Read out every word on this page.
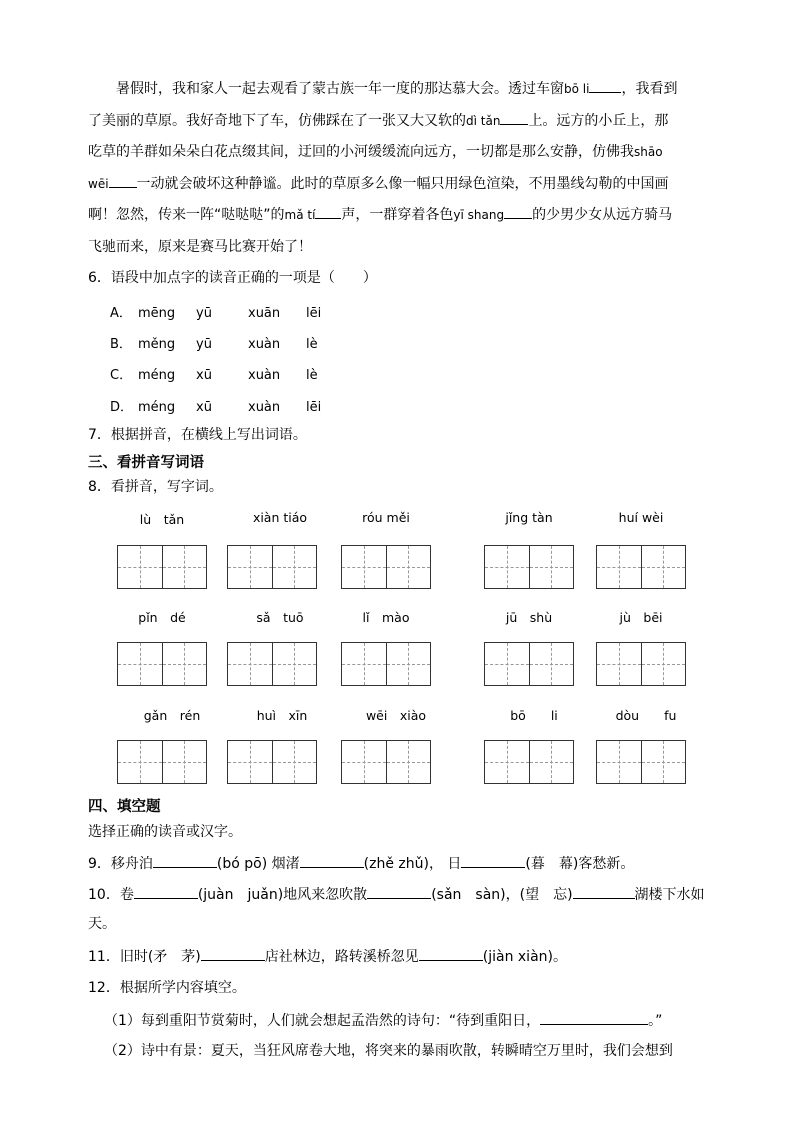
暑假时，我和家人一起去观看了蒙古族一年一度的那达慕大会。透过车窗bō li ，我看到
了美丽的草原。我好奇地下了车，仿佛踩在了一张又大又软的dì tǎn 上。远方的小丘上，那
吃草的羊群如朵朵白花点缀其间，迂回的小河缓缓流向远方，一切都是那么安静，仿佛我shāo
wēi 一动就会破坏这种静谧。此时的草原多么像一幅只用绿色渲染，不用墨线勾勒的中国画
啊！忽然，传来一阵“哒哒哒”的mǎ tí 声，一群穿着各色yī shang 的少男少女从远方骑马
飞驰而来，原来是赛马比赛开始了！
6．语段中加点字的读音正确的一项是（　　）
A． mēng yū	xuān lēi
B． měng yū	xuàn lè
C． méng xū	xuàn lè
D． méng xū	xuàn lēi
7．根据拼音，在横线上写出词语。
三、看拼音写词语
8．看拼音，写字词。
lù　tǎn	xiàn tiáo	róu měi	jǐng tàn	huí wèi
pǐn　dé	sǎ　tuō	lǐ　mào	jū　shù	jù　bēi
gǎn　rén	huì　xīn	wēi　xiào	bō　　li	dòu　　fu
四、填空题
选择正确的读音或汉字。
9．移舟泊	(bó pō) 烟渚	(zhě zhǔ)， 日	(暮　幕)客愁新。
10．卷	(juàn　juǎn)地风来忽吹散	(sǎn　sàn)，(望　忘)	湖楼下水如
天。
11．旧时(矛　茅)	店社林边，路转溪桥忽见	(jiàn xiàn)。
12．根据所学内容填空。
（1）每到重阳节赏菊时，人们就会想起孟浩然的诗句：“待到重阳日，	。”
（2）诗中有景：夏天，当狂风席卷大地，将突来的暴雨吹散，转瞬晴空万里时，我们会想到
